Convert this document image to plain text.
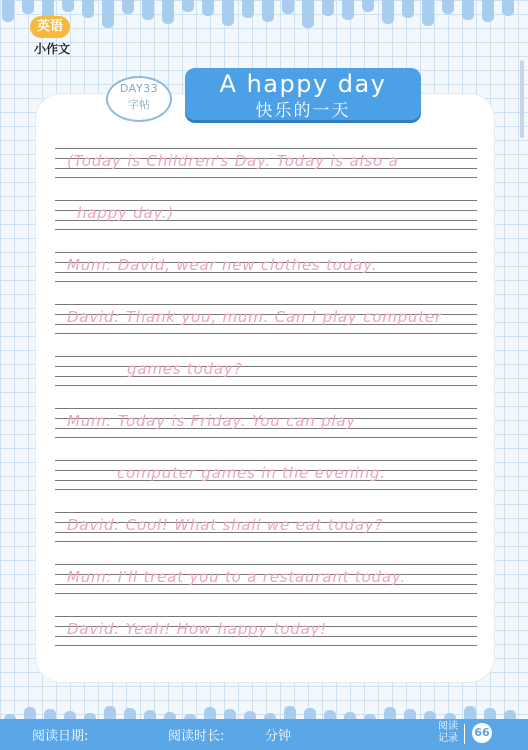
英语
小作文
DAY33
字帖
A happy day
快乐的一天
(Today is Children's Day. Today is also a
happy day.)
Mum: David, wear new clothes today.
David: Thank you, mum. Can I play computer
games today?
Mum: Today is Friday. You can play
computer games in the evening.
David: Cool! What shall we eat today?
Mum: I'll treat you to a restaurant today.
David: Yeah! How happy today!
阅读日期:	阅读时长:	分钟
阅读记录 66
